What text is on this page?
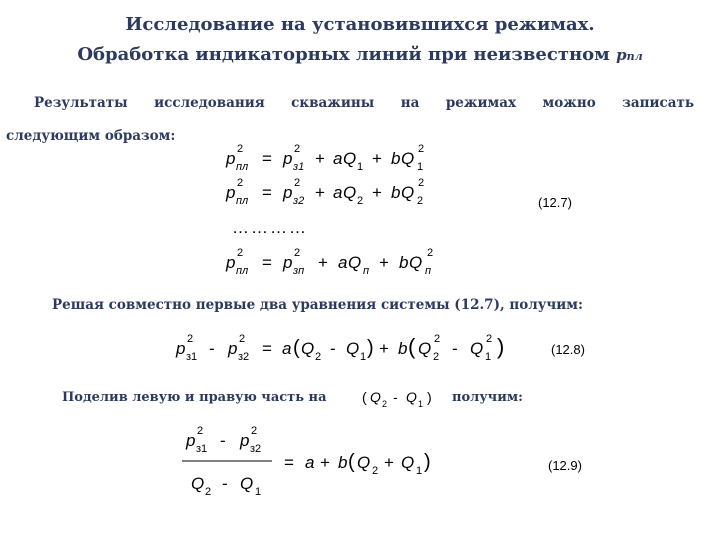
Исследование на установившихся режимах.
Обработка индикаторных линий при неизвестном pпл
Результаты исследования скважины на режимах можно записать
следующим образом:
Решая совместно первые два уравнения системы (12.7), получим:
Поделив левую и правую часть на	получим:
(12.7)
(12.8)
(12.9)
p пл
2 = p з1
2 + a Q 1 + b Q 1
2
p пл
2 = p з2
2 + a Q 2 + b Q 2
2
…………
p пл
2 = p зп
2 + a Q п + b Q п
2
p з1
2 - p з2
2 = a ( Q 2 - Q 1 ) + b ( Q 2
2 - Q 1
2 )
( Q 2 - Q 1 )
p з1
2 - p з2
2
Q 2 - Q 1
= a + b ( Q 2 + Q 1 )
